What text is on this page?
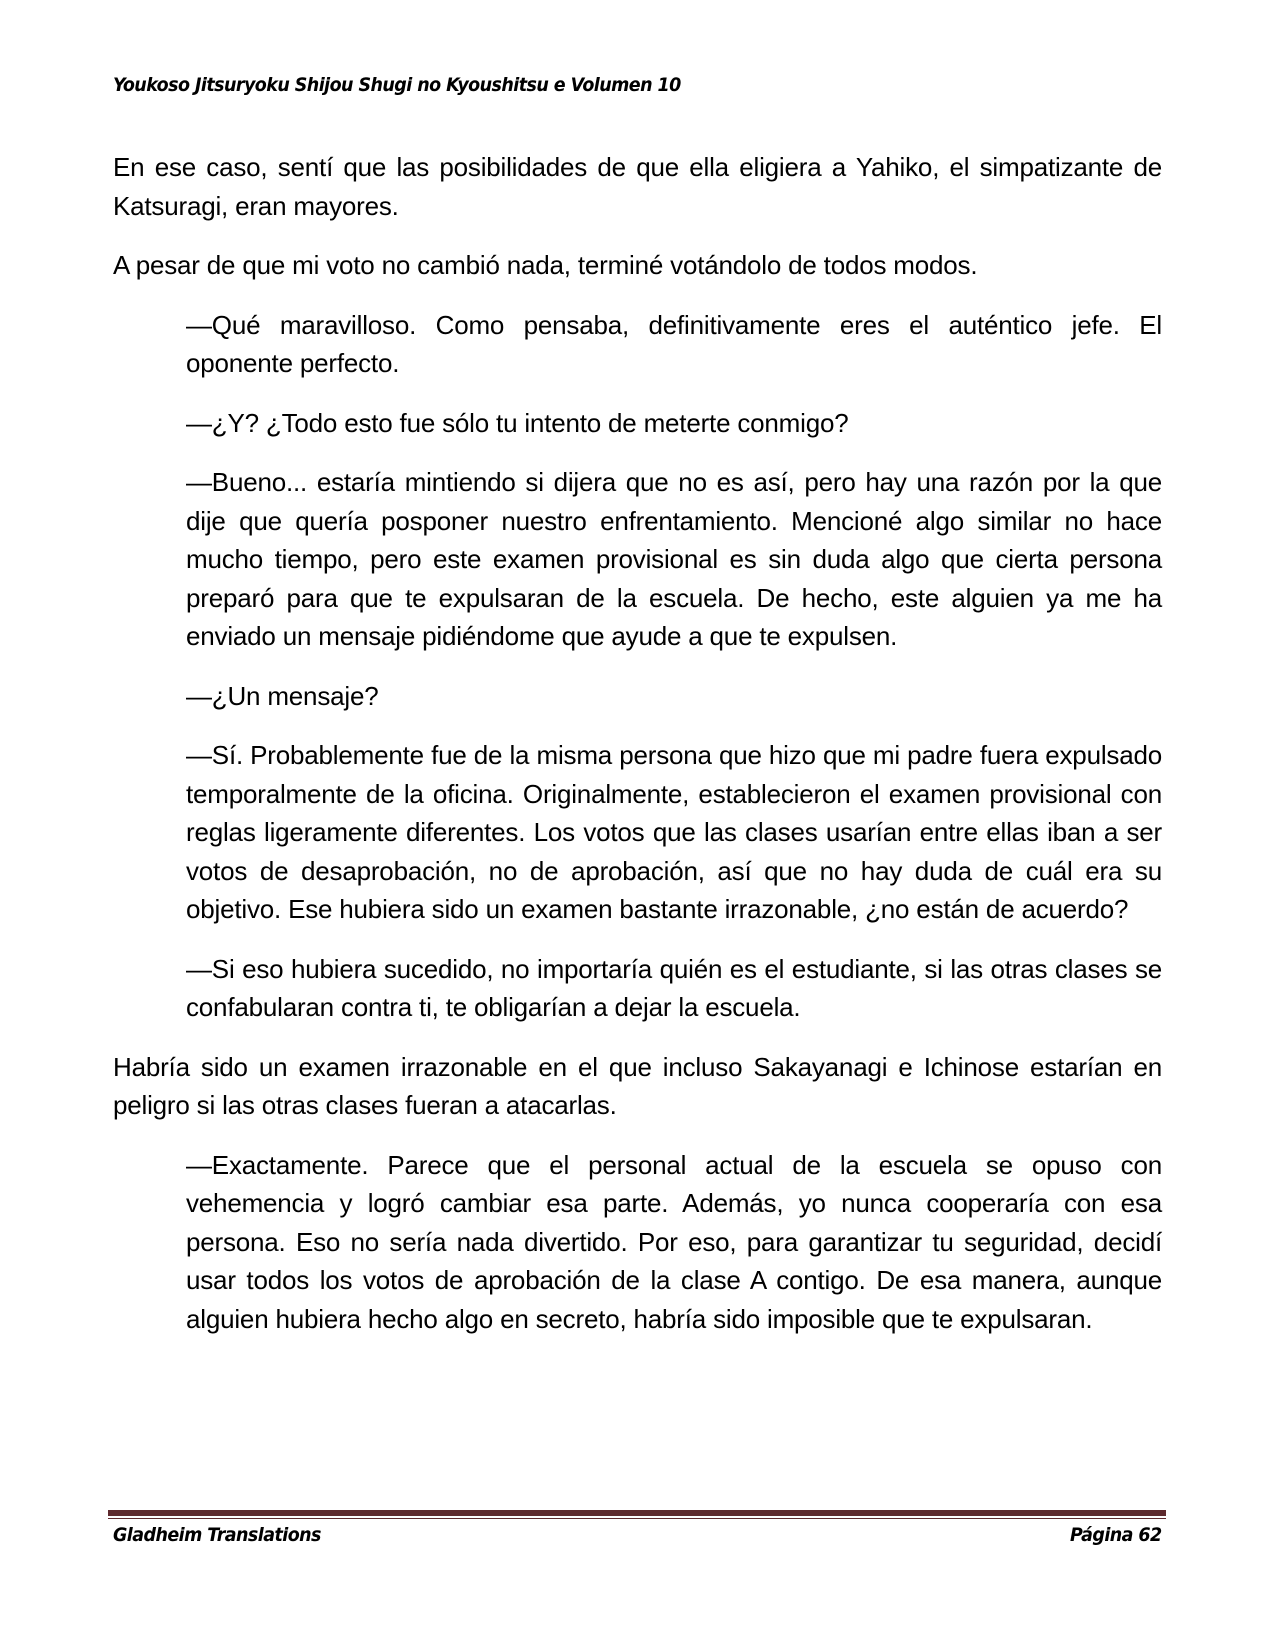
Youkoso Jitsuryoku Shijou Shugi no Kyoushitsu e Volumen 10

En ese caso, sentí que las posibilidades de que ella eligiera a Yahiko, el simpatizante de Katsuragi, eran mayores.

A pesar de que mi voto no cambió nada, terminé votándolo de todos modos.

—Qué maravilloso. Como pensaba, definitivamente eres el auténtico jefe. El oponente perfecto.

—¿Y? ¿Todo esto fue sólo tu intento de meterte conmigo?

—Bueno... estaría mintiendo si dijera que no es así, pero hay una razón por la que dije que quería posponer nuestro enfrentamiento. Mencioné algo similar no hace mucho tiempo, pero este examen provisional es sin duda algo que cierta persona preparó para que te expulsaran de la escuela. De hecho, este alguien ya me ha enviado un mensaje pidiéndome que ayude a que te expulsen.

—¿Un mensaje?

—Sí. Probablemente fue de la misma persona que hizo que mi padre fuera expulsado temporalmente de la oficina. Originalmente, establecieron el examen provisional con reglas ligeramente diferentes. Los votos que las clases usarían entre ellas iban a ser votos de desaprobación, no de aprobación, así que no hay duda de cuál era su objetivo. Ese hubiera sido un examen bastante irrazonable, ¿no están de acuerdo?

—Si eso hubiera sucedido, no importaría quién es el estudiante, si las otras clases se confabularan contra ti, te obligarían a dejar la escuela.

Habría sido un examen irrazonable en el que incluso Sakayanagi e Ichinose estarían en peligro si las otras clases fueran a atacarlas.

—Exactamente. Parece que el personal actual de la escuela se opuso con vehemencia y logró cambiar esa parte. Además, yo nunca cooperaría con esa persona. Eso no sería nada divertido. Por eso, para garantizar tu seguridad, decidí usar todos los votos de aprobación de la clase A contigo. De esa manera, aunque alguien hubiera hecho algo en secreto, habría sido imposible que te expulsaran.

Gladheim Translations	Página 62
